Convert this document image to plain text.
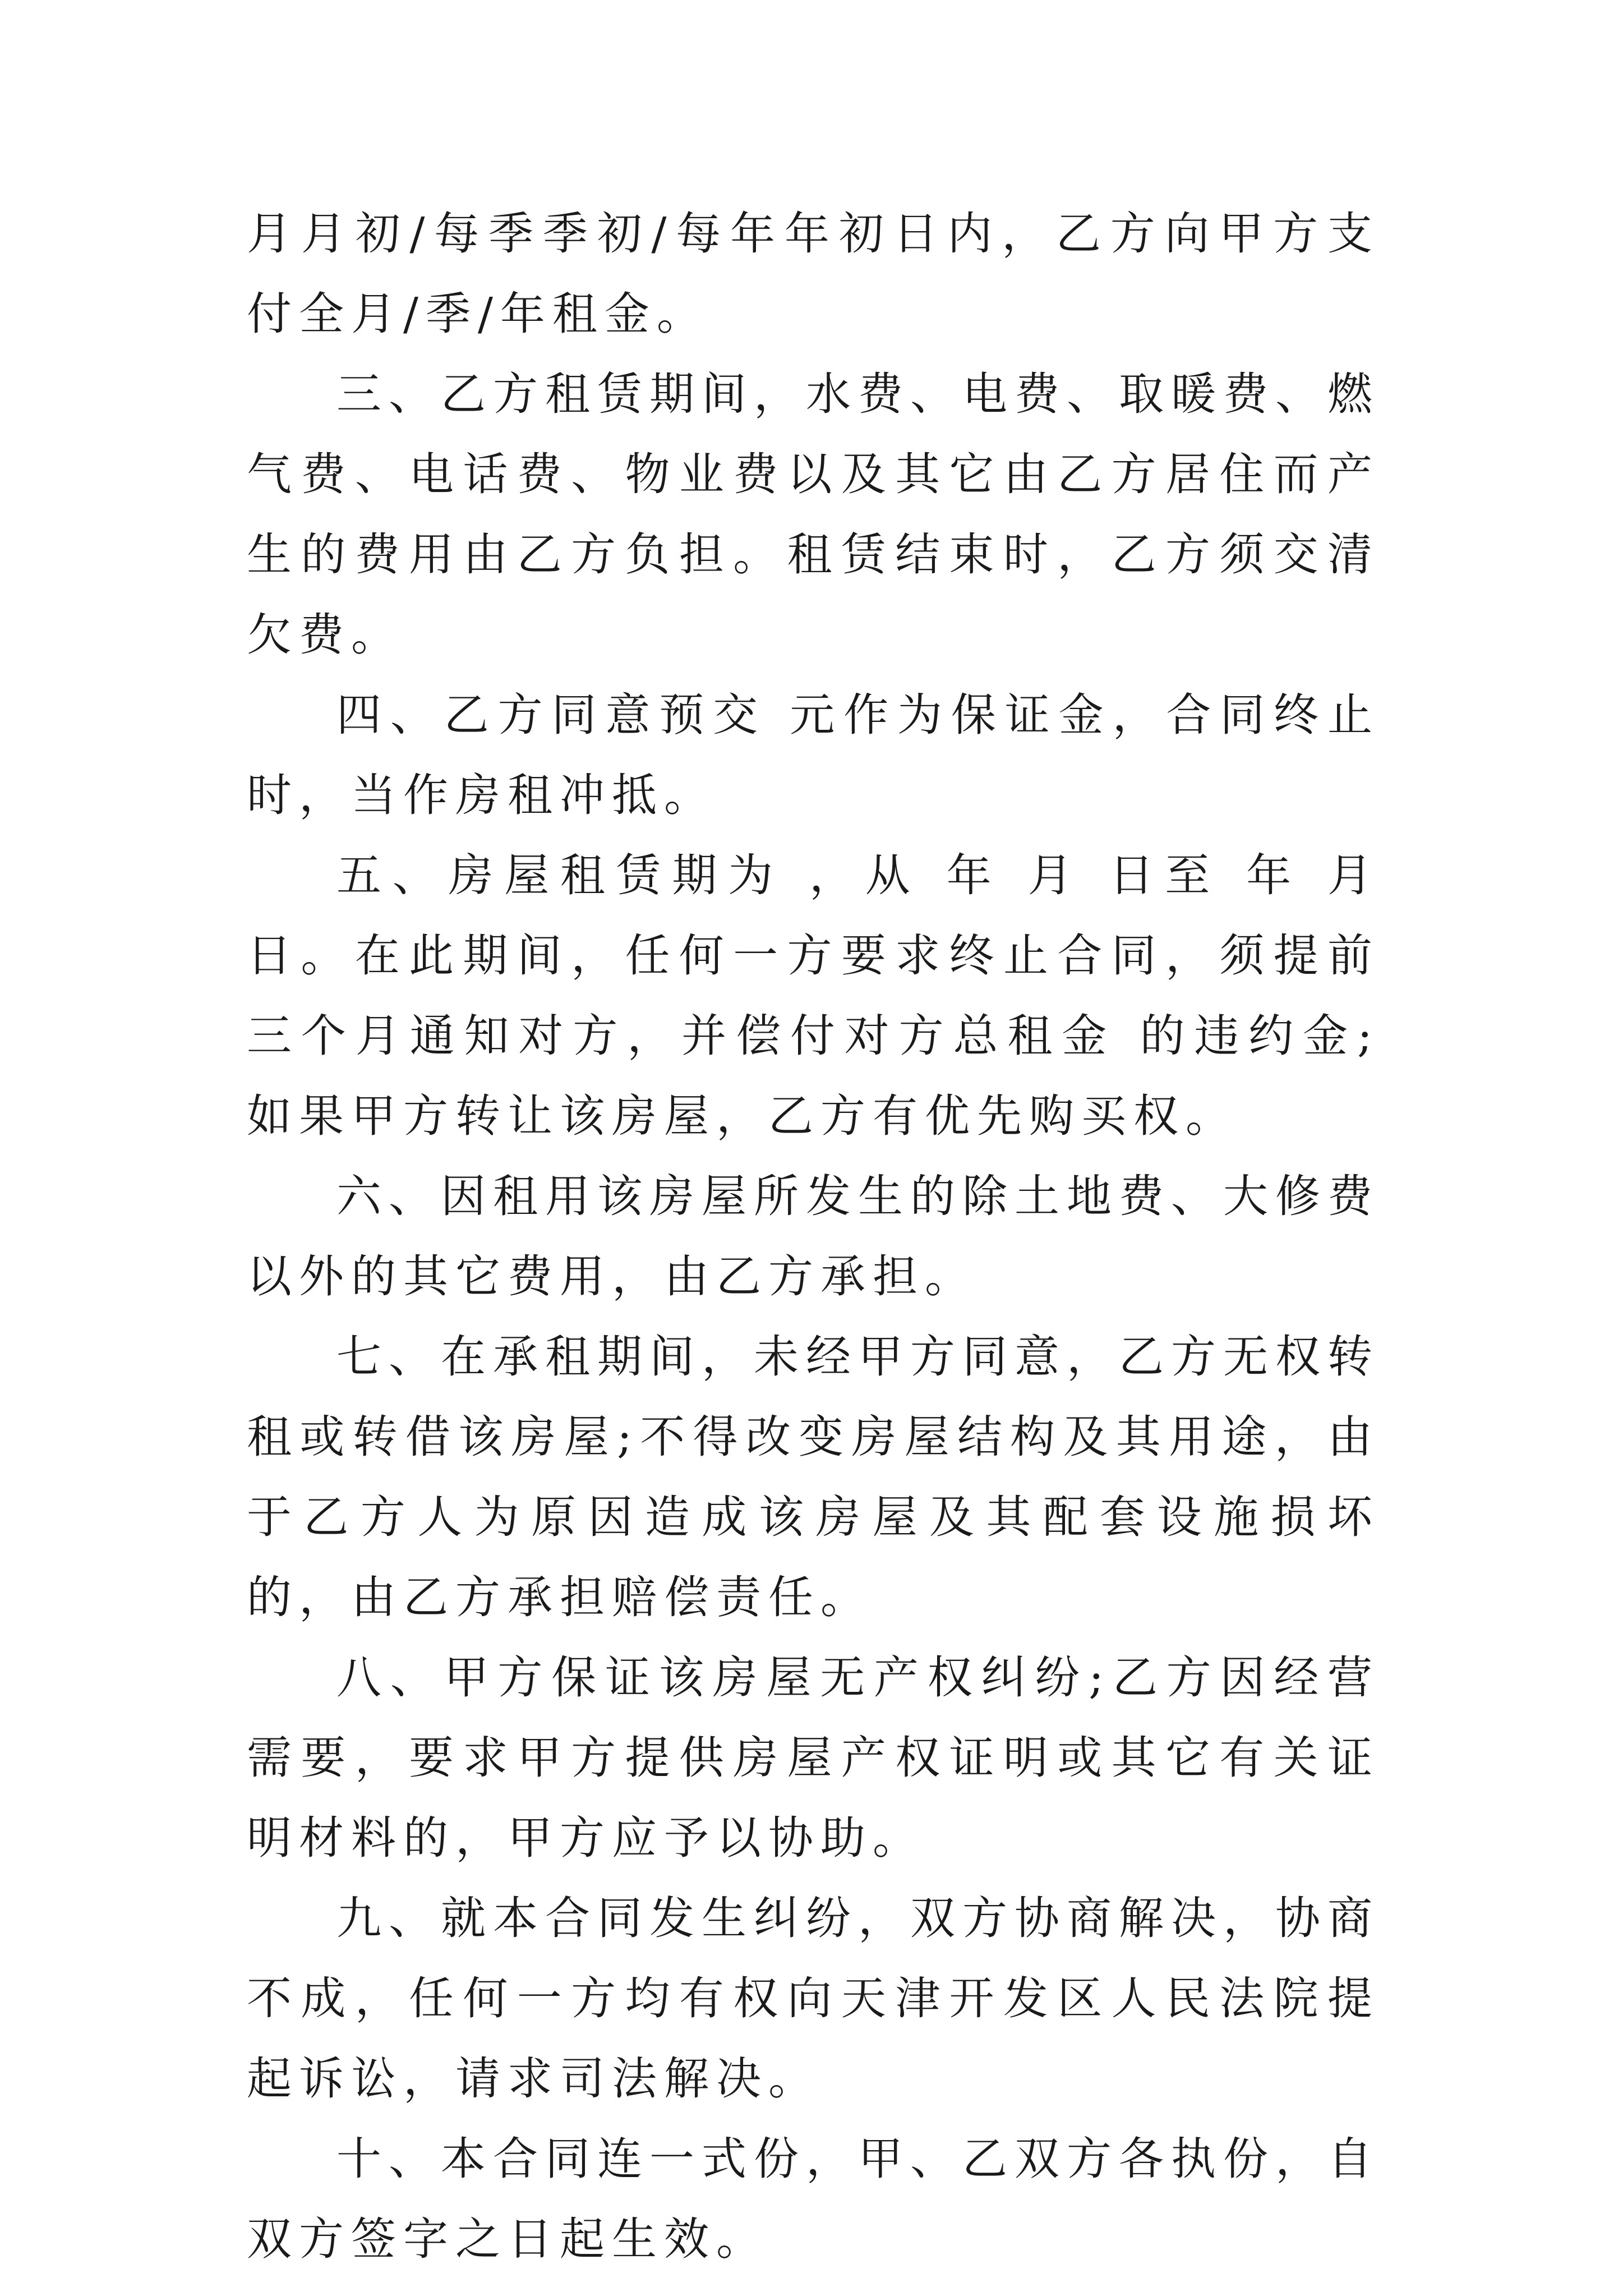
月月初/每季季初/每年年初日内，乙方向甲方支付全月/季/年租金。

三、乙方租赁期间，水费、电费、取暖费、燃气费、电话费、物业费以及其它由乙方居住而产生的费用由乙方负担。租赁结束时，乙方须交清欠费。

四、乙方同意预交 元作为保证金，合同终止时，当作房租冲抵。

五、房屋租赁期为 ，从 年 月 日至 年 月 日。在此期间，任何一方要求终止合同，须提前三个月通知对方，并偿付对方总租金 的违约金;如果甲方转让该房屋，乙方有优先购买权。

六、因租用该房屋所发生的除土地费、大修费以外的其它费用，由乙方承担。

七、在承租期间，未经甲方同意，乙方无权转租或转借该房屋;不得改变房屋结构及其用途，由于乙方人为原因造成该房屋及其配套设施损坏的，由乙方承担赔偿责任。

八、甲方保证该房屋无产权纠纷;乙方因经营需要，要求甲方提供房屋产权证明或其它有关证明材料的，甲方应予以协助。

九、就本合同发生纠纷，双方协商解决，协商不成，任何一方均有权向天津开发区人民法院提起诉讼，请求司法解决。

十、本合同连一式份，甲、乙双方各执份，自双方签字之日起生效。
